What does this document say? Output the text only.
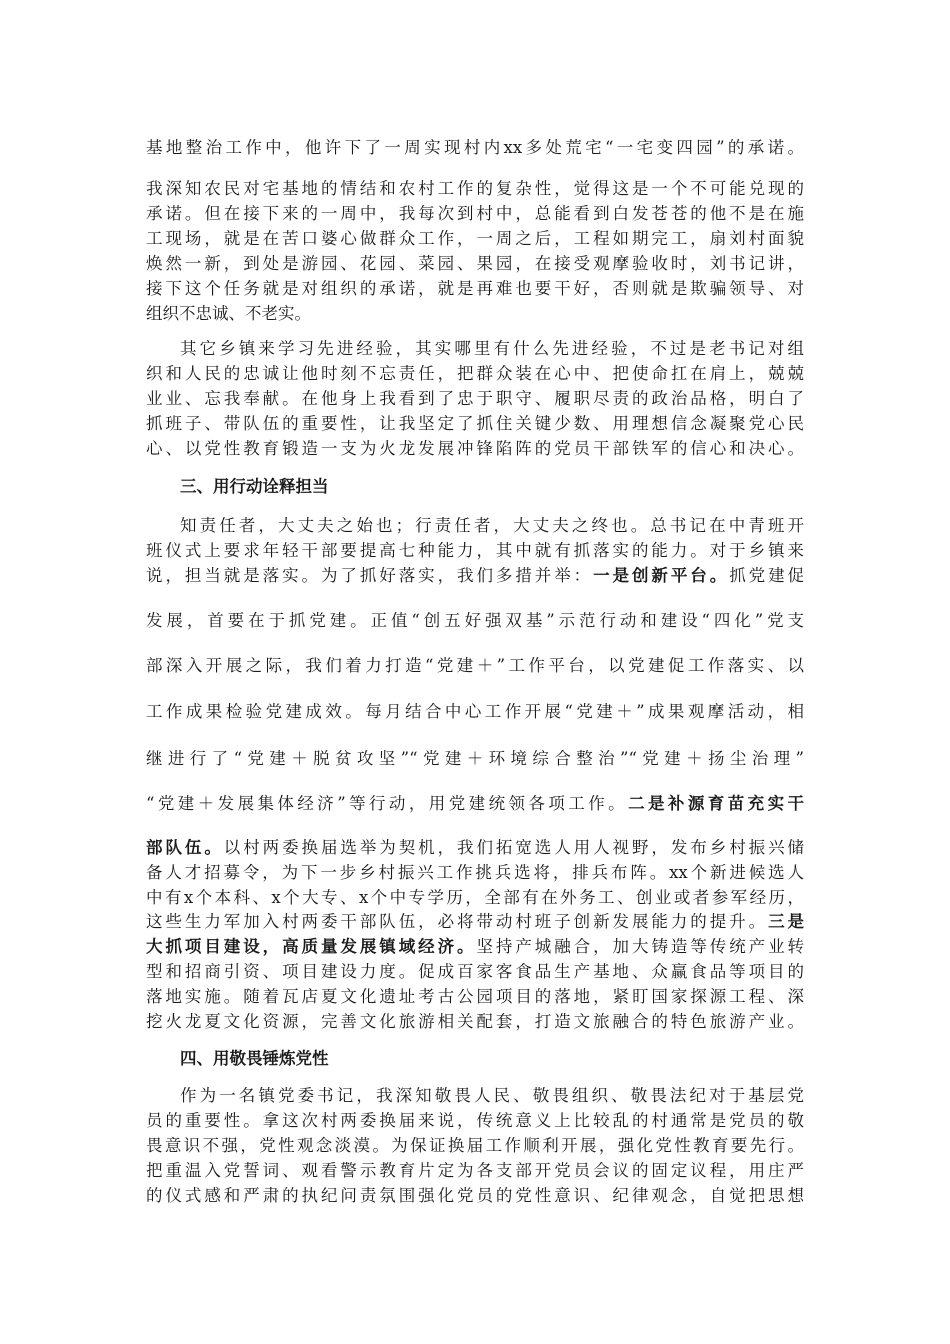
基地整治工作中，他许下了一周实现村内xx多处荒宅“一宅变四园”的承诺。
我深知农民对宅基地的情结和农村工作的复杂性，觉得这是一个不可能兑现的
承诺。但在接下来的一周中，我每次到村中，总能看到白发苍苍的他不是在施
工现场，就是在苦口婆心做群众工作，一周之后，工程如期完工，扇刘村面貌
焕然一新，到处是游园、花园、菜园、果园，在接受观摩验收时，刘书记讲，
接下这个任务就是对组织的承诺，就是再难也要干好，否则就是欺骗领导、对
组织不忠诚、不老实。
其它乡镇来学习先进经验，其实哪里有什么先进经验，不过是老书记对组
织和人民的忠诚让他时刻不忘责任，把群众装在心中、把使命扛在肩上，兢兢
业业、忘我奉献。在他身上我看到了忠于职守、履职尽责的政治品格，明白了
抓班子、带队伍的重要性，让我坚定了抓住关键少数、用理想信念凝聚党心民
心、以党性教育锻造一支为火龙发展冲锋陷阵的党员干部铁军的信心和决心。
三、用行动诠释担当
知责任者，大丈夫之始也；行责任者，大丈夫之终也。总书记在中青班开
班仪式上要求年轻干部要提高七种能力，其中就有抓落实的能力。对于乡镇来
说，担当就是落实。为了抓好落实，我们多措并举：一是创新平台。抓党建促
发展，首要在于抓党建。正值“创五好强双基”示范行动和建设“四化”党支
部深入开展之际，我们着力打造“党建＋”工作平台，以党建促工作落实、以
工作成果检验党建成效。每月结合中心工作开展“党建＋”成果观摩活动，相
继进行了“党建＋脱贫攻坚”“党建＋环境综合整治”“党建＋扬尘治理”
“党建＋发展集体经济”等行动，用党建统领各项工作。二是补源育苗充实干
部队伍。以村两委换届选举为契机，我们拓宽选人用人视野，发布乡村振兴储
备人才招募令，为下一步乡村振兴工作挑兵选将，排兵布阵。xx个新进候选人
中有x个本科、x个大专、x个中专学历，全部有在外务工、创业或者参军经历，
这些生力军加入村两委干部队伍，必将带动村班子创新发展能力的提升。三是
大抓项目建设，高质量发展镇域经济。坚持产城融合，加大铸造等传统产业转
型和招商引资、项目建设力度。促成百家客食品生产基地、众赢食品等项目的
落地实施。随着瓦店夏文化遗址考古公园项目的落地，紧盯国家探源工程、深
挖火龙夏文化资源，完善文化旅游相关配套，打造文旅融合的特色旅游产业。
四、用敬畏锤炼党性
作为一名镇党委书记，我深知敬畏人民、敬畏组织、敬畏法纪对于基层党
员的重要性。拿这次村两委换届来说，传统意义上比较乱的村通常是党员的敬
畏意识不强，党性观念淡漠。为保证换届工作顺利开展，强化党性教育要先行。
把重温入党誓词、观看警示教育片定为各支部开党员会议的固定议程，用庄严
的仪式感和严肃的执纪问责氛围强化党员的党性意识、纪律观念，自觉把思想
